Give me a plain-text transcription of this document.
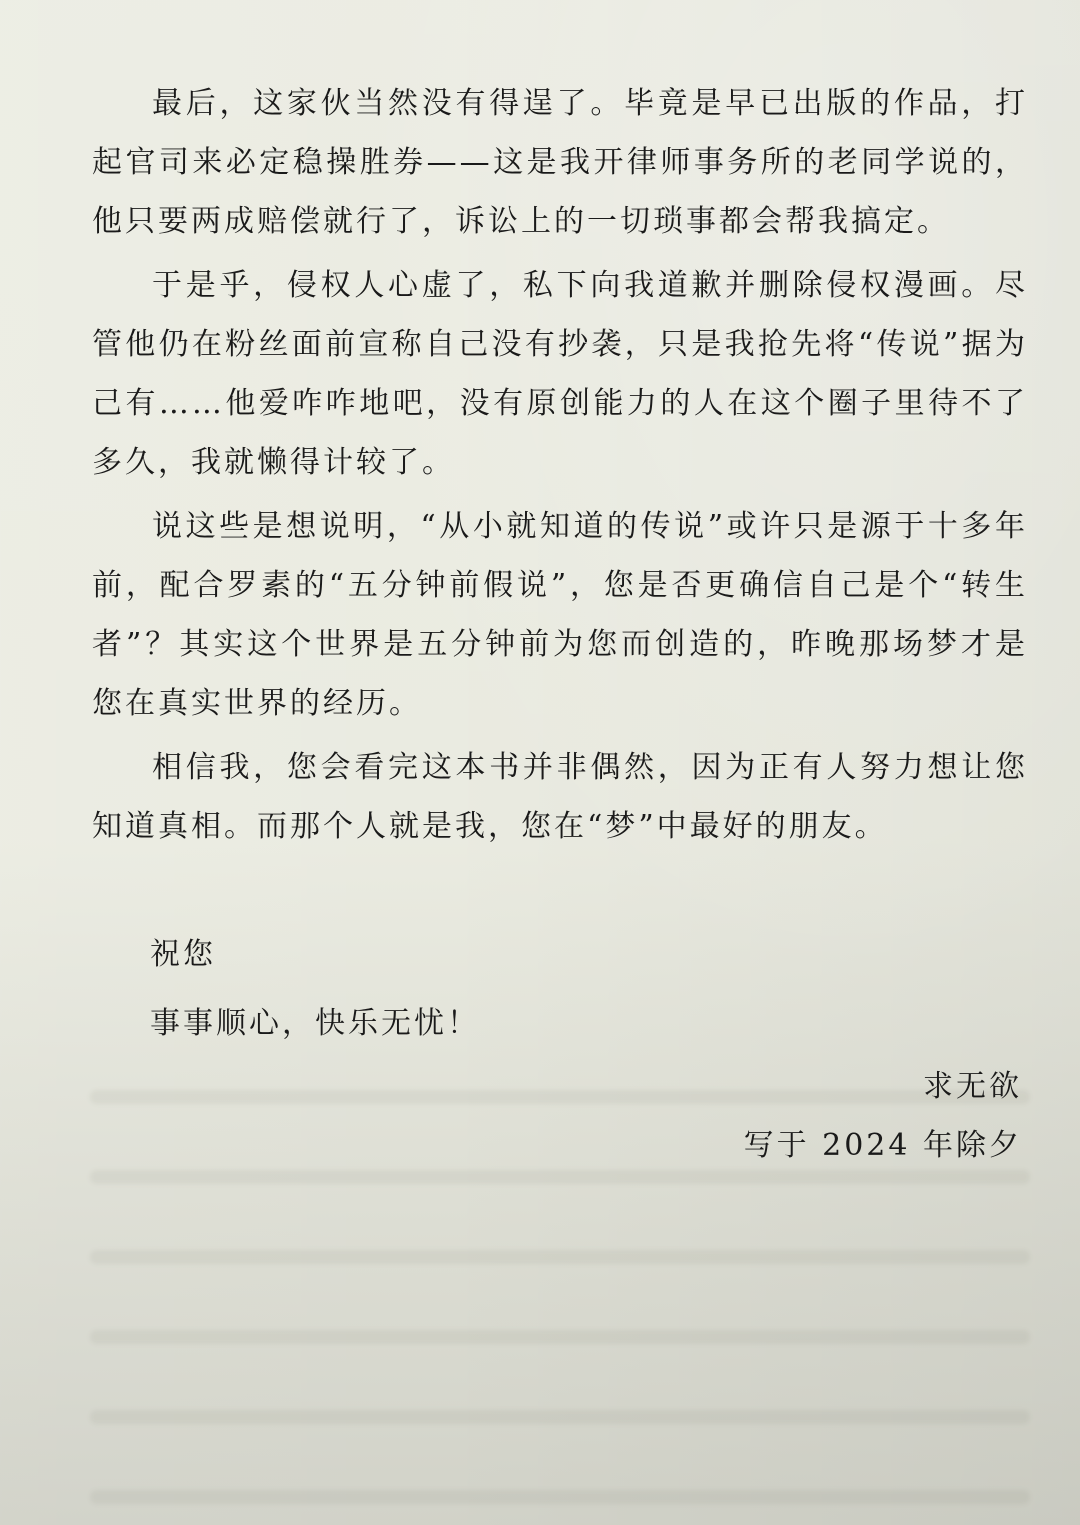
最后，这家伙当然没有得逞了。毕竟是早已出版的作品，打起官司来必定稳操胜券——这是我开律师事务所的老同学说的，他只要两成赔偿就行了，诉讼上的一切琐事都会帮我搞定。

于是乎，侵权人心虚了，私下向我道歉并删除侵权漫画。尽管他仍在粉丝面前宣称自己没有抄袭，只是我抢先将“传说”据为己有……他爱咋咋地吧，没有原创能力的人在这个圈子里待不了多久，我就懒得计较了。

说这些是想说明，“从小就知道的传说”或许只是源于十多年前，配合罗素的“五分钟前假说”，您是否更确信自己是个“转生者”？其实这个世界是五分钟前为您而创造的，昨晚那场梦才是您在真实世界的经历。

相信我，您会看完这本书并非偶然，因为正有人努力想让您知道真相。而那个人就是我，您在“梦”中最好的朋友。

祝您
事事顺心，快乐无忧！
求无欲
写于 2024 年除夕
